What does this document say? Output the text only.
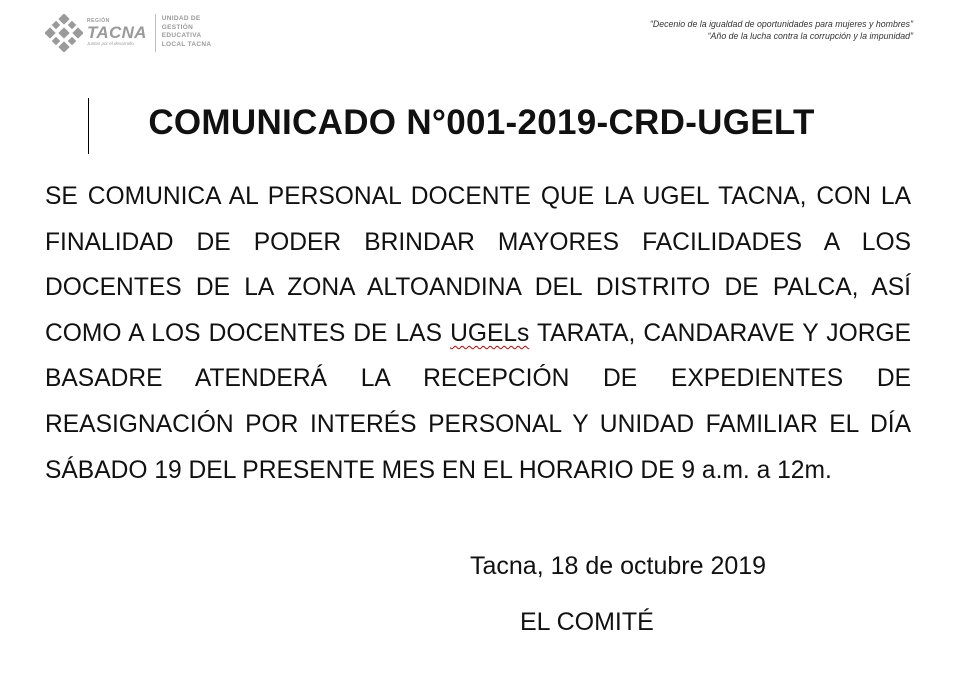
REGIÓN
TACNA
Juntos por el desarrollo
UNIDAD DE
GESTIÓN
EDUCATIVA
LOCAL TACNA
“Decenio de la igualdad de oportunidades para mujeres y hombres”
“Año de la lucha contra la corrupción y la impunidad”
COMUNICADO N°001-2019-CRD-UGELT
SE COMUNICA AL PERSONAL DOCENTE QUE LA UGEL TACNA, CON LA FINALIDAD DE PODER BRINDAR MAYORES FACILIDADES A LOS DOCENTES DE LA ZONA ALTOANDINA DEL DISTRITO DE PALCA, ASÍ COMO A LOS DOCENTES DE LAS UGELs TARATA, CANDARAVE Y JORGE BASADRE ATENDERÁ LA RECEPCIÓN DE EXPEDIENTES DE REASIGNACIÓN POR INTERÉS PERSONAL Y UNIDAD FAMILIAR EL DÍA SÁBADO 19 DEL PRESENTE MES EN EL HORARIO DE 9 a.m. a 12m.
Tacna, 18 de octubre 2019
EL COMITÉ
